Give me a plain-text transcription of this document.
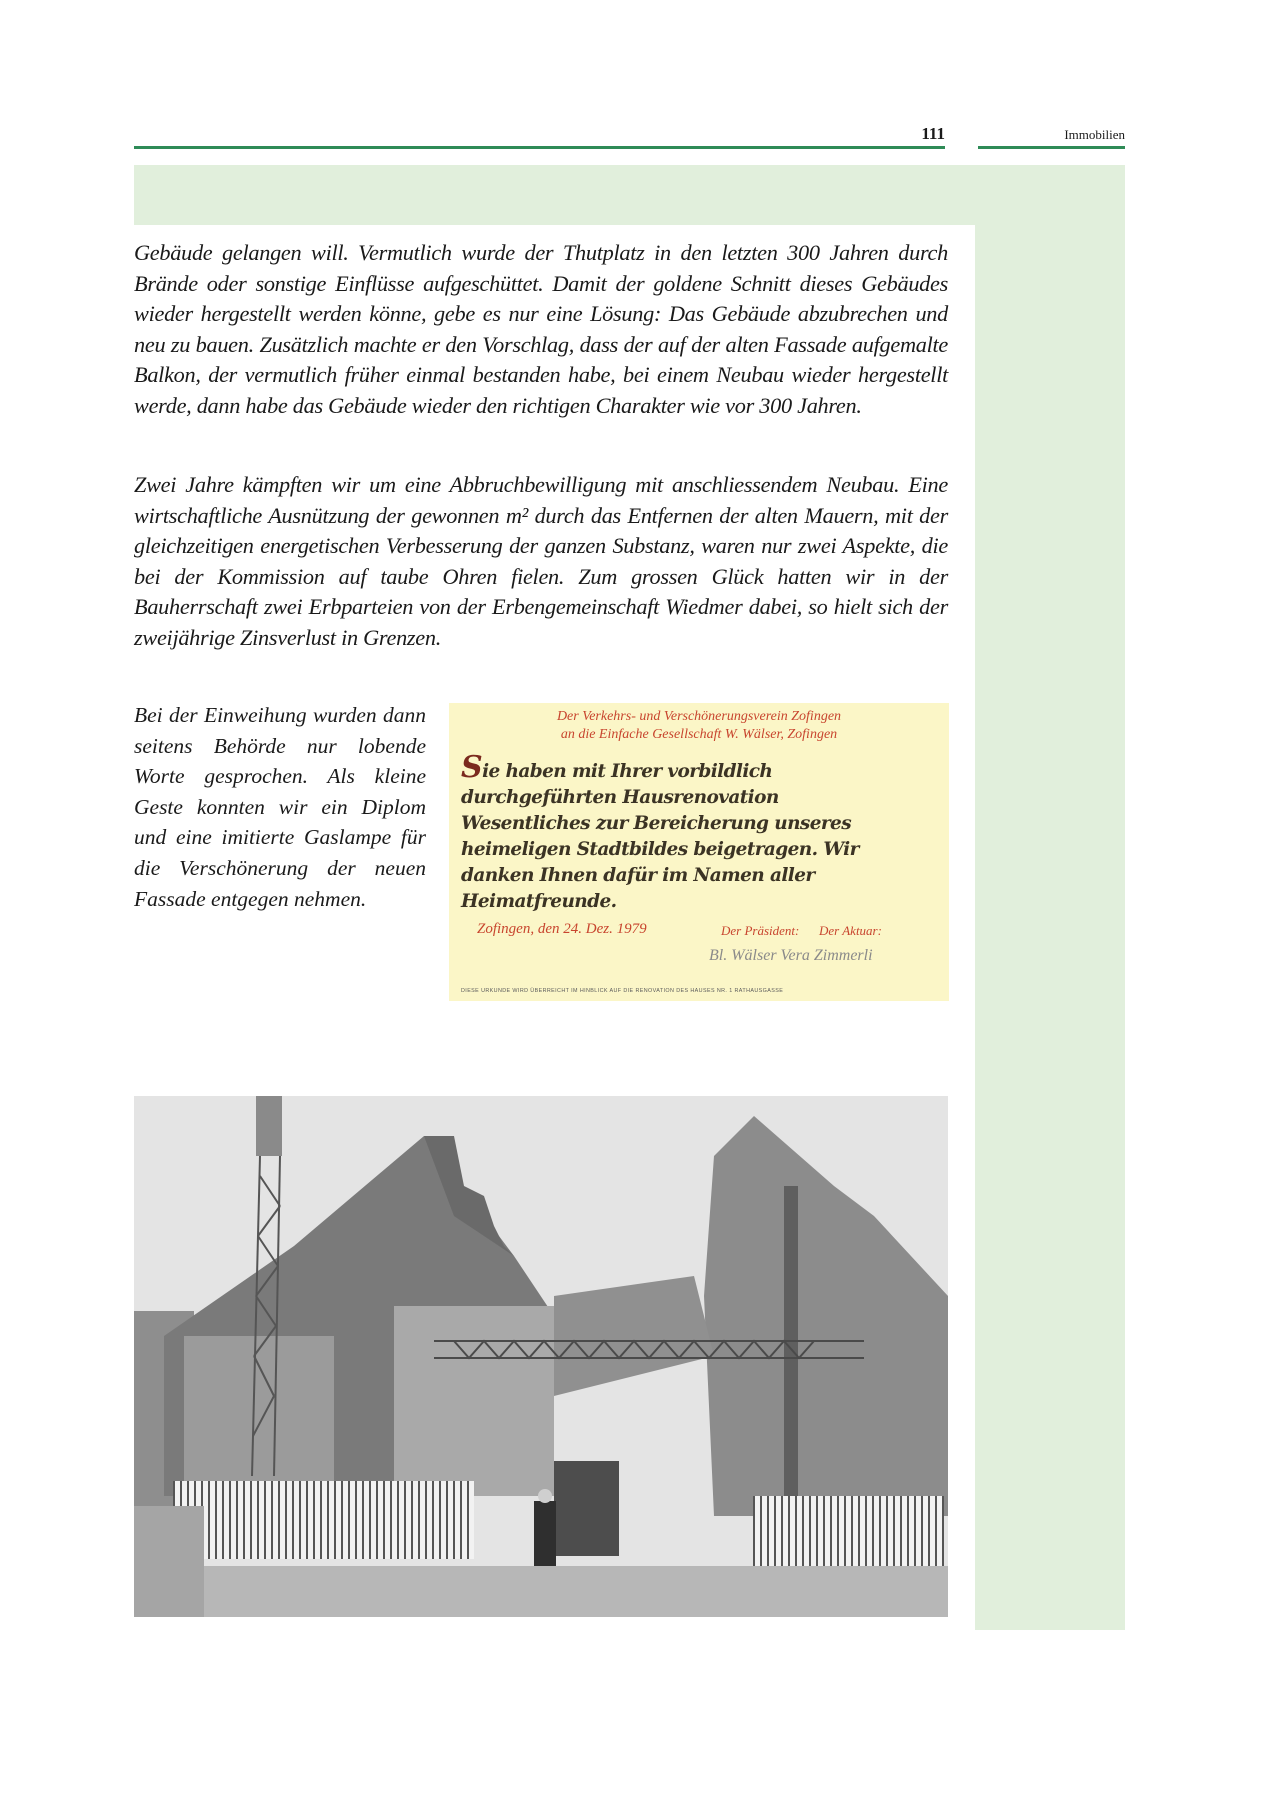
111	Immobilien

Gebäude gelangen will. Vermutlich wurde der Thutplatz in den letzten 300 Jahren durch Brände oder sonstige Einflüsse aufgeschüttet. Damit der goldene Schnitt dieses Gebäudes wieder hergestellt werden könne, gebe es nur eine Lösung: Das Gebäude abzubrechen und neu zu bauen. Zusätzlich machte er den Vorschlag, dass der auf der alten Fassade aufgemalte Balkon, der vermutlich früher einmal bestanden habe, bei einem Neubau wieder hergestellt werde, dann habe das Gebäude wieder den richtigen Charakter wie vor 300 Jahren.

Zwei Jahre kämpften wir um eine Abbruchbewilligung mit anschliessendem Neubau. Eine wirtschaftliche Ausnützung der gewonnen m² durch das Entfernen der alten Mauern, mit der gleichzeitigen energetischen Verbesserung der ganzen Substanz, waren nur zwei Aspekte, die bei der Kommission auf taube Ohren fielen. Zum grossen Glück hatten wir in der Bauherrschaft zwei Erbparteien von der Erbengemeinschaft Wiedmer dabei, so hielt sich der zweijährige Zinsverlust in Grenzen.

Bei der Einweihung wurden dann seitens Behörde nur lobende Worte gesprochen. Als kleine Geste konnten wir ein Diplom und eine imitierte Gaslampe für die Verschönerung der neuen Fassade entgegen nehmen.

Der Verkehrs- und Verschönerungsverein Zofingen
an die Einfache Gesellschaft W. Wälser, Zofingen
Sie haben mit Ihrer vorbildlich durchgeführten Hausrenovation Wesentliches zur Bereicherung unseres heimeligen Stadtbildes beigetragen. Wir danken Ihnen dafür im Namen aller Heimatfreunde.
Zofingen, den 24. Dez. 1979	Der Präsident: Der Aktuar:
Bl. Wälser Vera Zimmerli
DIESE URKUNDE WIRD ÜBERREICHT IM HINBLICK AUF DIE RENOVATION DES HAUSES NR. 1 RATHAUSGASSE
